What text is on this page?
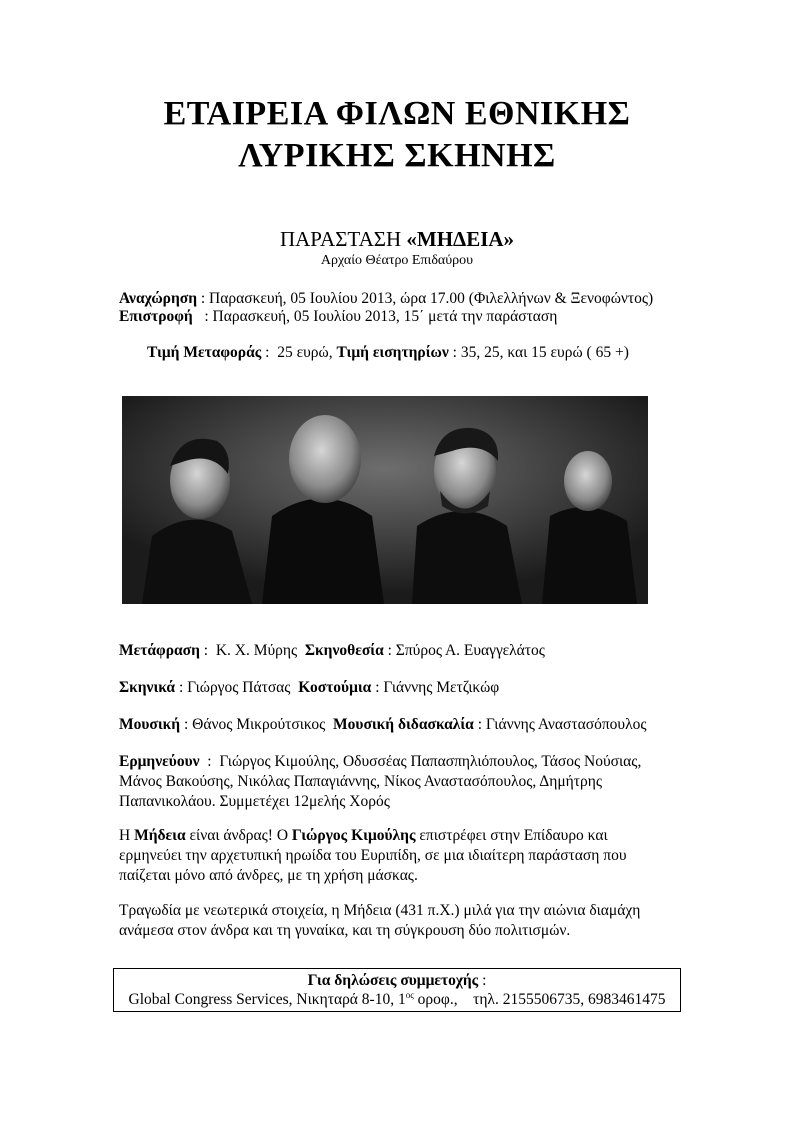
ΕΤΑΙΡΕΙΑ ΦΙΛΩΝ ΕΘΝΙΚΗΣ
ΛΥΡΙΚΗΣ ΣΚΗΝΗΣ
ΠΑΡΑΣΤΑΣΗ «ΜΗΔΕΙΑ»
Αρχαίο Θέατρο Επιδαύρου
Αναχώρηση : Παρασκευή, 05 Ιουλίου 2013, ώρα 17.00 (Φιλελλήνων & Ξενοφώντος)
Επιστροφή   : Παρασκευή, 05 Ιουλίου 2013, 15΄ μετά την παράσταση
Τιμή Μεταφοράς :  25 ευρώ, Τιμή εισητηρίων : 35, 25, και 15 ευρώ ( 65 +)
Μετάφραση :  Κ. Χ. Μύρης  Σκηνοθεσία : Σπύρος Α. Ευαγγελάτος
Σκηνικά : Γιώργος Πάτσας  Κοστούμια : Γιάννης Μετζικώφ
Μουσική : Θάνος Μικρούτσικος  Μουσική διδασκαλία : Γιάννης Αναστασόπουλος
Ερμηνεύουν  :  Γιώργος Κιμούλης, Οδυσσέας Παπασπηλιόπουλος, Τάσος Νούσιας,
Μάνος Βακούσης, Νικόλας Παπαγιάννης, Νίκος Αναστασόπουλος, Δημήτρης
Παπανικολάου. Συμμετέχει 12μελής Χορός
Η Μήδεια είναι άνδρας! Ο Γιώργος Κιμούλης επιστρέφει στην Επίδαυρο και
ερμηνεύει την αρχετυπική ηρωίδα του Ευριπίδη, σε μια ιδιαίτερη παράσταση που
παίζεται μόνο από άνδρες, με τη χρήση μάσκας.
Τραγωδία με νεωτερικά στοιχεία, η Μήδεια (431 π.Χ.) μιλά για την αιώνια διαμάχη
ανάμεσα στον άνδρα και τη γυναίκα, και τη σύγκρουση δύο πολιτισμών.
Για δηλώσεις συμμετοχής :
Global Congress Services, Νικηταρά 8-10, $1^{o\varsigma}$ οροφ.,    τηλ. 2155506735, 6983461475
